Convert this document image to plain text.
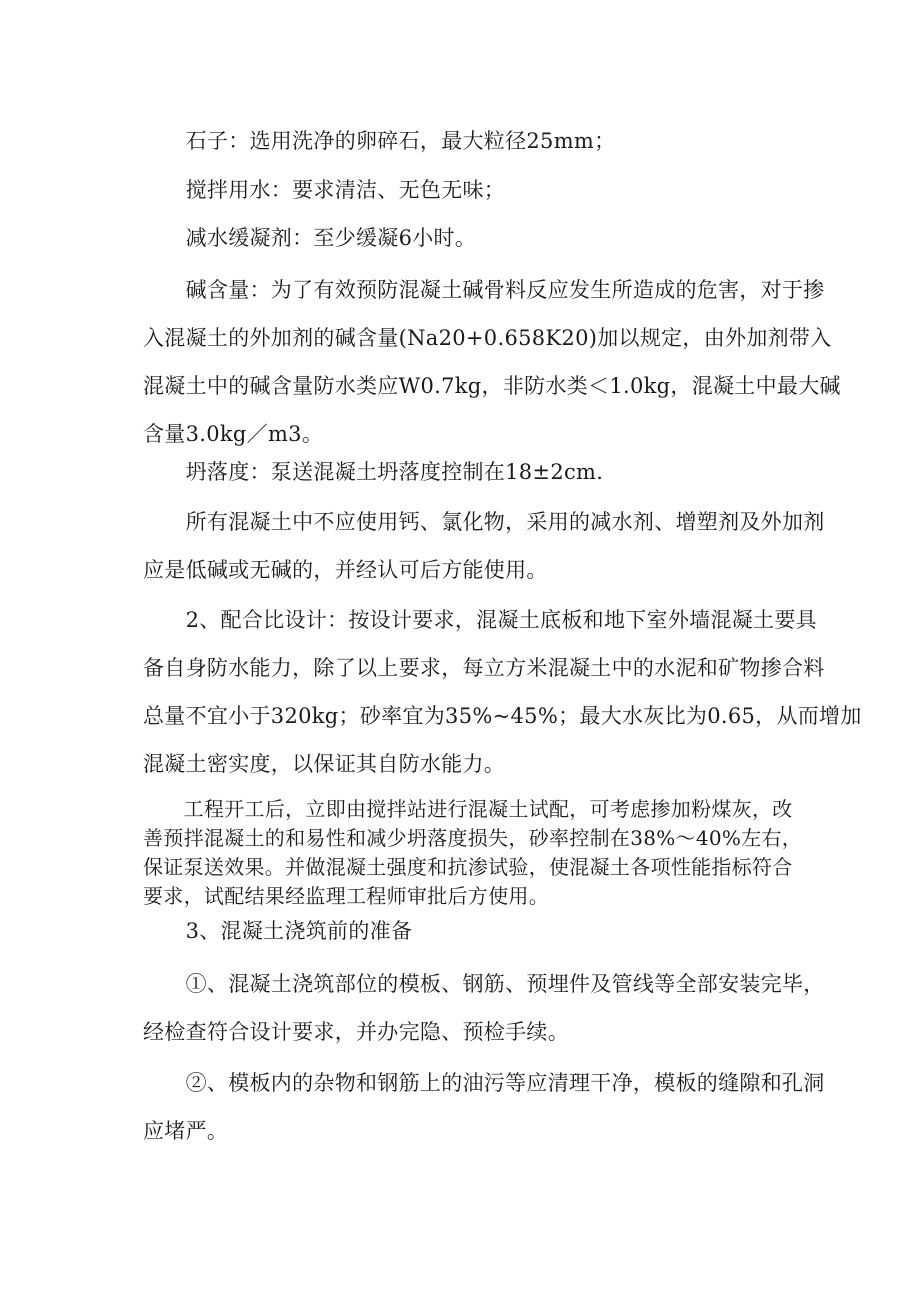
　　石子：选用洗净的卵碎石，最大粒径25mm；

　　搅拌用水：要求清洁、无色无味；

　　减水缓凝剂：至少缓凝6小时。

　　碱含量：为了有效预防混凝土碱骨料反应发生所造成的危害，对于掺
入混凝土的外加剂的碱含量(Na20+0.658K20)加以规定，由外加剂带入
混凝土中的碱含量防水类应W0.7kg，非防水类＜1.0kg，混凝土中最大碱
含量3.0kg／m3。

　　坍落度：泵送混凝土坍落度控制在18±2cm.

　　所有混凝土中不应使用钙、氯化物，采用的减水剂、增塑剂及外加剂
应是低碱或无碱的，并经认可后方能使用。

　　2、配合比设计：按设计要求，混凝土底板和地下室外墙混凝土要具
备自身防水能力，除了以上要求，每立方米混凝土中的水泥和矿物掺合料
总量不宜小于320kg；砂率宜为35%~45%；最大水灰比为0.65，从而增加
混凝土密实度，以保证其自防水能力。

　　工程开工后，立即由搅拌站进行混凝土试配，可考虑掺加粉煤灰，改
善预拌混凝土的和易性和减少坍落度损失，砂率控制在38%～40%左右，
保证泵送效果。并做混凝土强度和抗渗试验，使混凝土各项性能指标符合
要求，试配结果经监理工程师审批后方使用。

　　3、混凝土浇筑前的准备

　　①、混凝土浇筑部位的模板、钢筋、预埋件及管线等全部安装完毕，
经检查符合设计要求，并办完隐、预检手续。

　　②、模板内的杂物和钢筋上的油污等应清理干净，模板的缝隙和孔洞
应堵严。
